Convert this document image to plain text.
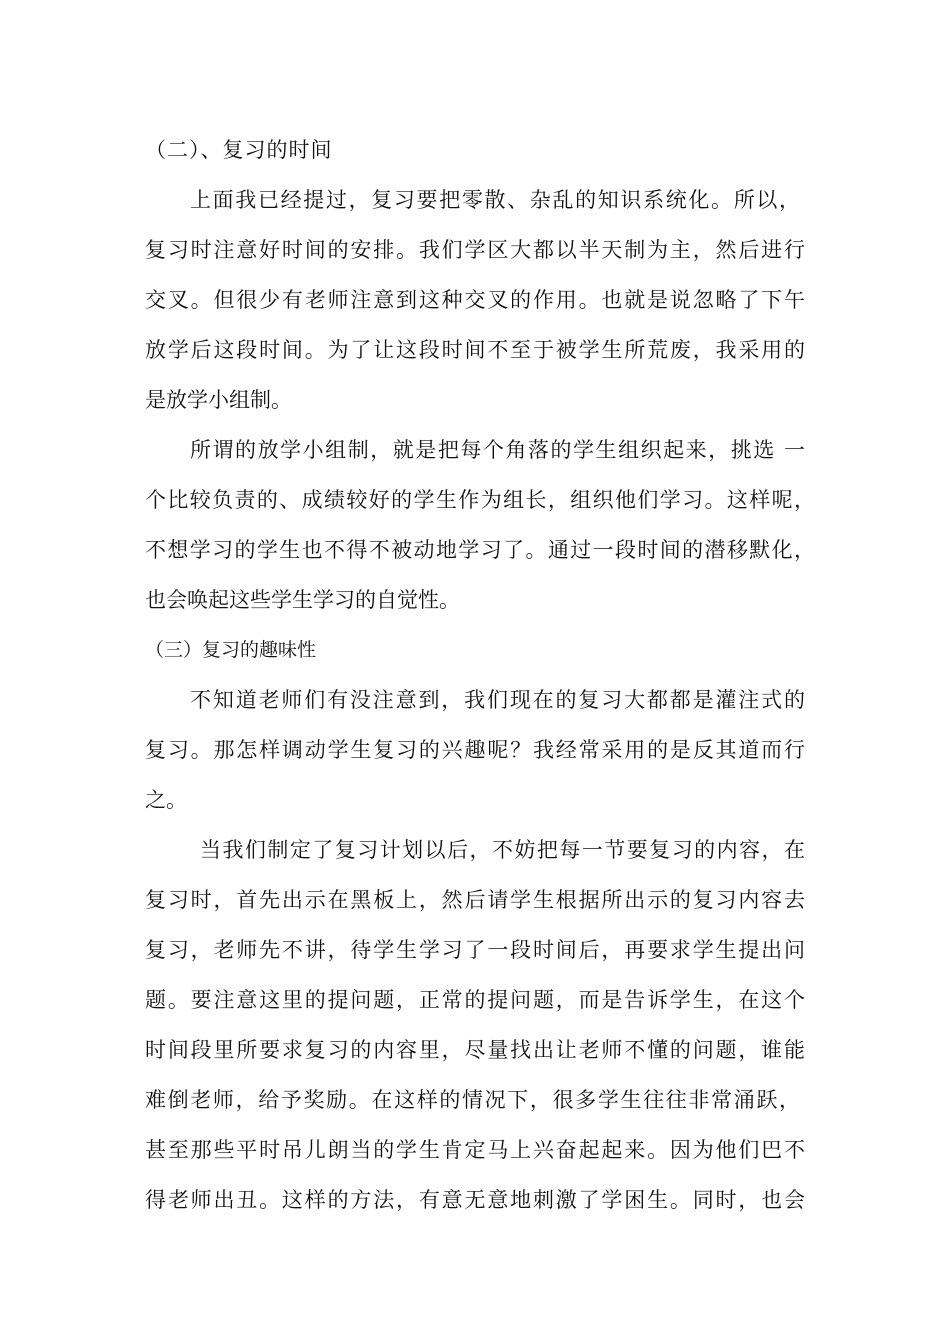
（二）、复习的时间
上面我已经提过，复习要把零散、杂乱的知识系统化。所以，
复习时注意好时间的安排。我们学区大都以半天制为主，然后进行
交叉。但很少有老师注意到这种交叉的作用。也就是说忽略了下午
放学后这段时间。为了让这段时间不至于被学生所荒废，我采用的
是放学小组制。
所谓的放学小组制，就是把每个角落的学生组织起来，挑选 一
个比较负责的、成绩较好的学生作为组长，组织他们学习。这样呢，
不想学习的学生也不得不被动地学习了。通过一段时间的潜移默化，
也会唤起这些学生学习的自觉性。
（三）复习的趣味性
不知道老师们有没注意到，我们现在的复习大都都是灌注式的
复习。那怎样调动学生复习的兴趣呢？我经常采用的是反其道而行
之。
当我们制定了复习计划以后，不妨把每一节要复习的内容，在
复习时，首先出示在黑板上，然后请学生根据所出示的复习内容去
复习，老师先不讲，待学生学习了一段时间后，再要求学生提出问
题。要注意这里的提问题，正常的提问题，而是告诉学生，在这个
时间段里所要求复习的内容里，尽量找出让老师不懂的问题，谁能
难倒老师，给予奖励。在这样的情况下，很多学生往往非常涌跃，
甚至那些平时吊儿朗当的学生肯定马上兴奋起起来。因为他们巴不
得老师出丑。这样的方法，有意无意地刺激了学困生。同时，也会
